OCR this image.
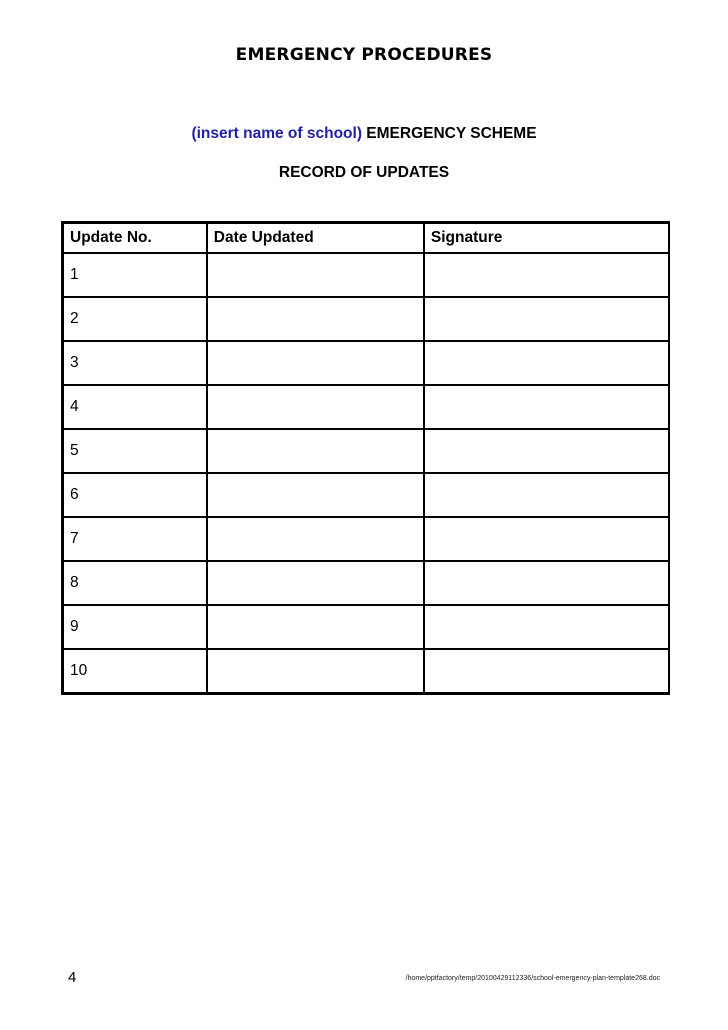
EMERGENCY PROCEDURES
(insert name of school) EMERGENCY SCHEME
RECORD OF UPDATES
Update No.	Date Updated	Signature
1		
2		
3		
4		
5		
6		
7		
8		
9		
10		
4	/home/pptfactory/temp/20100429112336/school-emergency-plan-template268.doc
